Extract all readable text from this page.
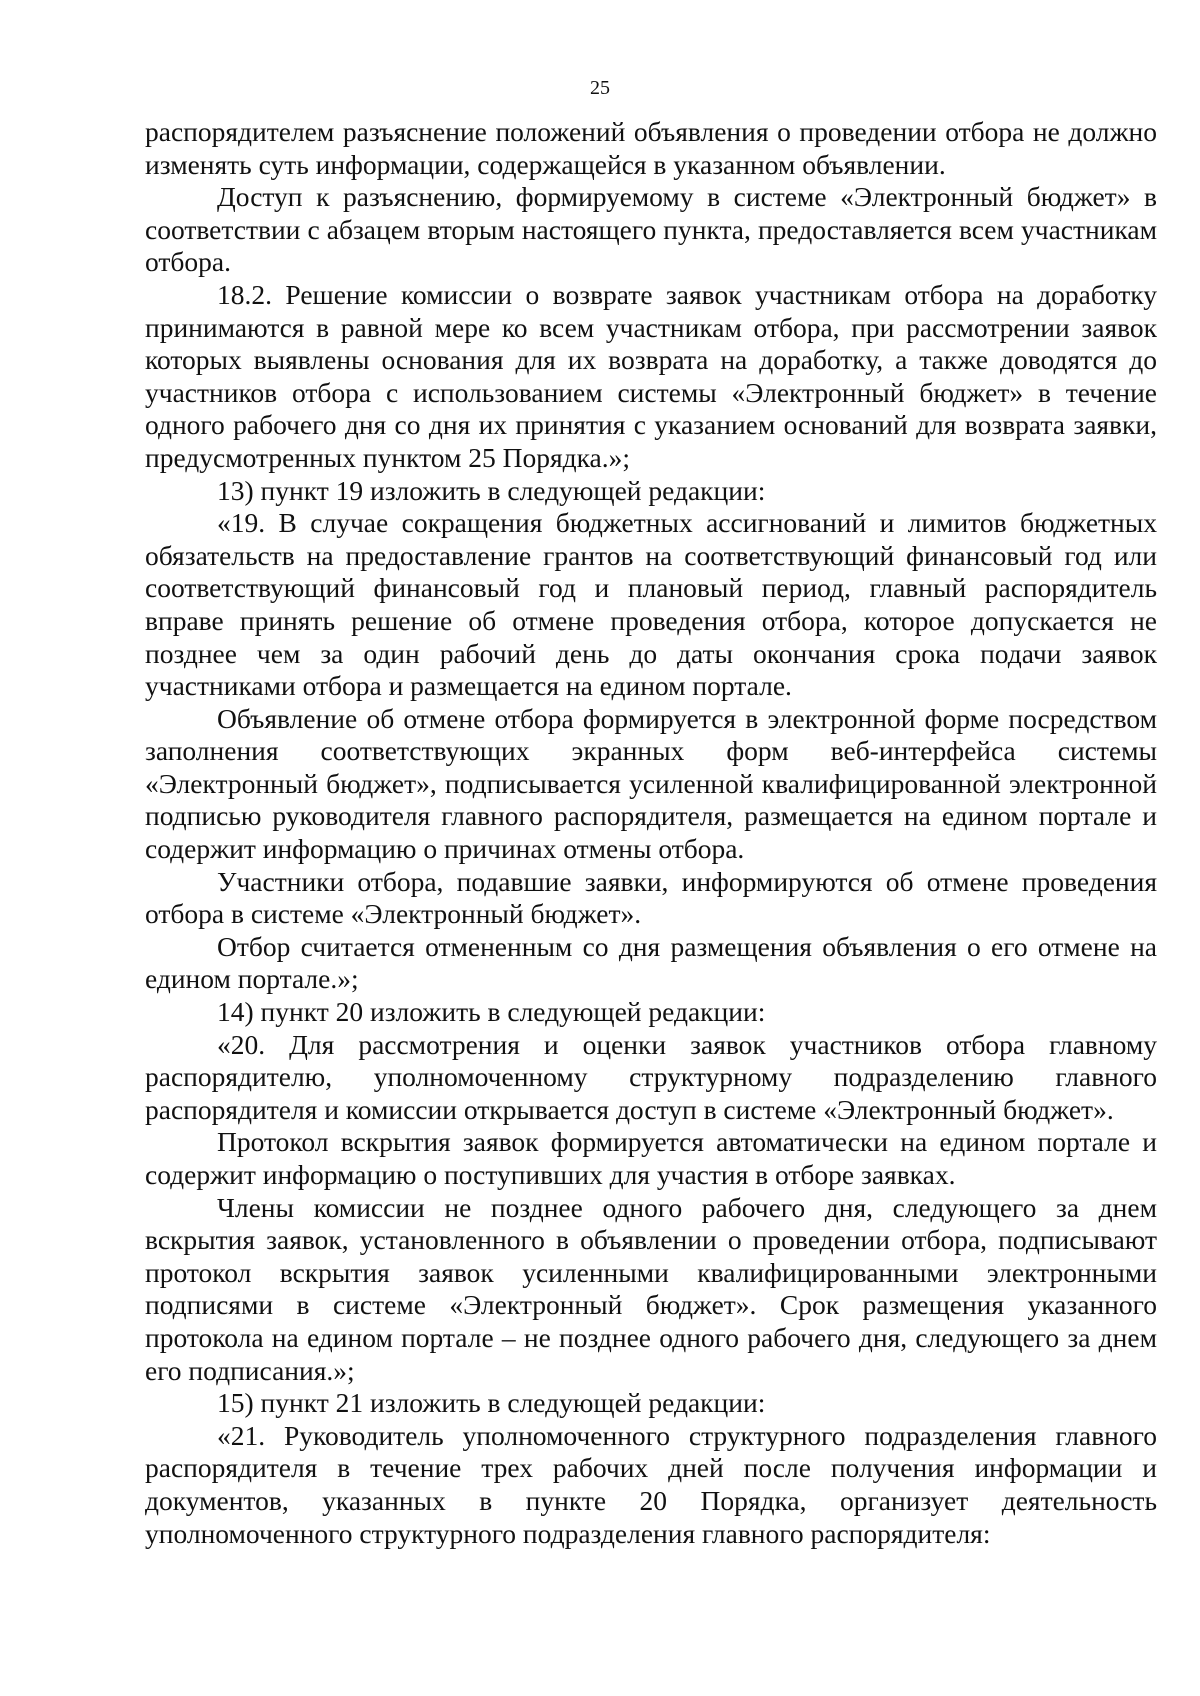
25

распорядителем разъяснение положений объявления о проведении отбора не должно изменять суть информации, содержащейся в указанном объявлении.

Доступ к разъяснению, формируемому в системе «Электронный бюджет» в соответствии с абзацем вторым настоящего пункта, предоставляется всем участникам отбора.

18.2. Решение комиссии о возврате заявок участникам отбора на доработку принимаются в равной мере ко всем участникам отбора, при рассмотрении заявок которых выявлены основания для их возврата на доработку, а также доводятся до участников отбора с использованием системы «Электронный бюджет» в течение одного рабочего дня со дня их принятия с указанием оснований для возврата заявки, предусмотренных пунктом 25 Порядка.»;

13) пункт 19 изложить в следующей редакции:

«19. В случае сокращения бюджетных ассигнований и лимитов бюджетных обязательств на предоставление грантов на соответствующий финансовый год или соответствующий финансовый год и плановый период, главный распорядитель вправе принять решение об отмене проведения отбора, которое допускается не позднее чем за один рабочий день до даты окончания срока подачи заявок участниками отбора и размещается на едином портале.

Объявление об отмене отбора формируется в электронной форме посредством заполнения соответствующих экранных форм веб-интерфейса системы «Электронный бюджет», подписывается усиленной квалифицированной электронной подписью руководителя главного распорядителя, размещается на едином портале и содержит информацию о причинах отмены отбора.

Участники отбора, подавшие заявки, информируются об отмене проведения отбора в системе «Электронный бюджет».

Отбор считается отмененным со дня размещения объявления о его отмене на едином портале.»;

14) пункт 20 изложить в следующей редакции:

«20. Для рассмотрения и оценки заявок участников отбора главному распорядителю, уполномоченному структурному подразделению главного распорядителя и комиссии открывается доступ в системе «Электронный бюджет».

Протокол вскрытия заявок формируется автоматически на едином портале и содержит информацию о поступивших для участия в отборе заявках.

Члены комиссии не позднее одного рабочего дня, следующего за днем вскрытия заявок, установленного в объявлении о проведении отбора, подписывают протокол вскрытия заявок усиленными квалифицированными электронными подписями в системе «Электронный бюджет». Срок размещения указанного протокола на едином портале – не позднее одного рабочего дня, следующего за днем его подписания.»;

15) пункт 21 изложить в следующей редакции:

«21. Руководитель уполномоченного структурного подразделения главного распорядителя в течение трех рабочих дней после получения информации и документов, указанных в пункте 20 Порядка, организует деятельность уполномоченного структурного подразделения главного распорядителя:
